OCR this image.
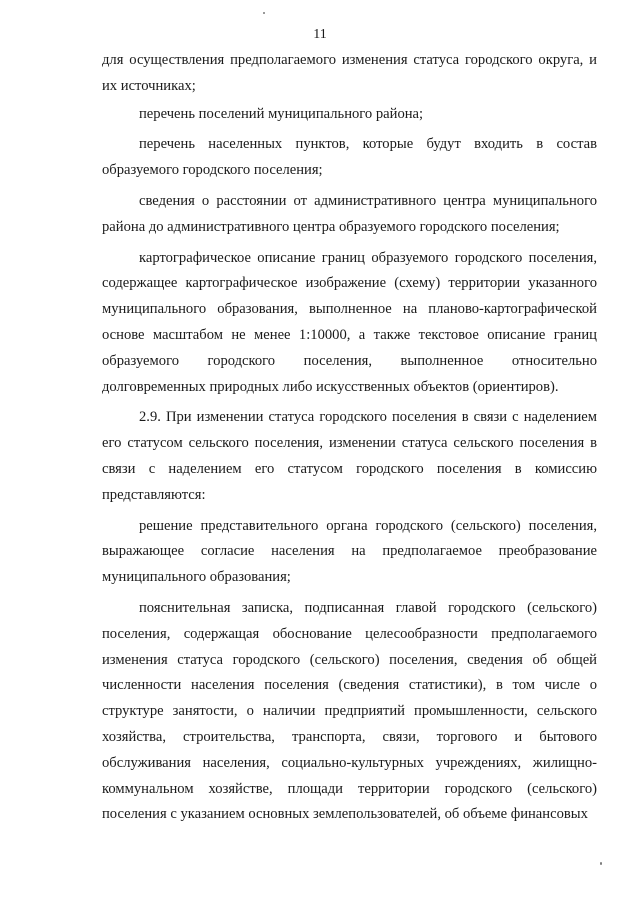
11

для осуществления предполагаемого изменения статуса городского округа, и их источниках;

перечень поселений муниципального района;

перечень населенных пунктов, которые будут входить в состав образуемого городского поселения;

сведения о расстоянии от административного центра муниципального района до административного центра образуемого городского поселения;

картографическое описание границ образуемого городского поселения, содержащее картографическое изображение (схему) территории указанного муниципального образования, выполненное на планово-картографической основе масштабом не менее 1:10000, а также текстовое описание границ образуемого городского поселения, выполненное относительно долговременных природных либо искусственных объектов (ориентиров).

2.9. При изменении статуса городского поселения в связи с наделением его статусом сельского поселения, изменении статуса сельского поселения в связи с наделением его статусом городского поселения в комиссию представляются:

решение представительного органа городского (сельского) поселения, выражающее согласие населения на предполагаемое преобразование муниципального образования;

пояснительная записка, подписанная главой городского (сельского) поселения, содержащая обоснование целесообразности предполагаемого изменения статуса городского (сельского) поселения, сведения об общей численности населения поселения (сведения статистики), в том числе о структуре занятости, о наличии предприятий промышленности, сельского хозяйства, строительства, транспорта, связи, торгового и бытового обслуживания населения, социально-культурных учреждениях, жилищно-коммунальном хозяйстве, площади территории городского (сельского) поселения с указанием основных землепользователей, об объеме финансовых
